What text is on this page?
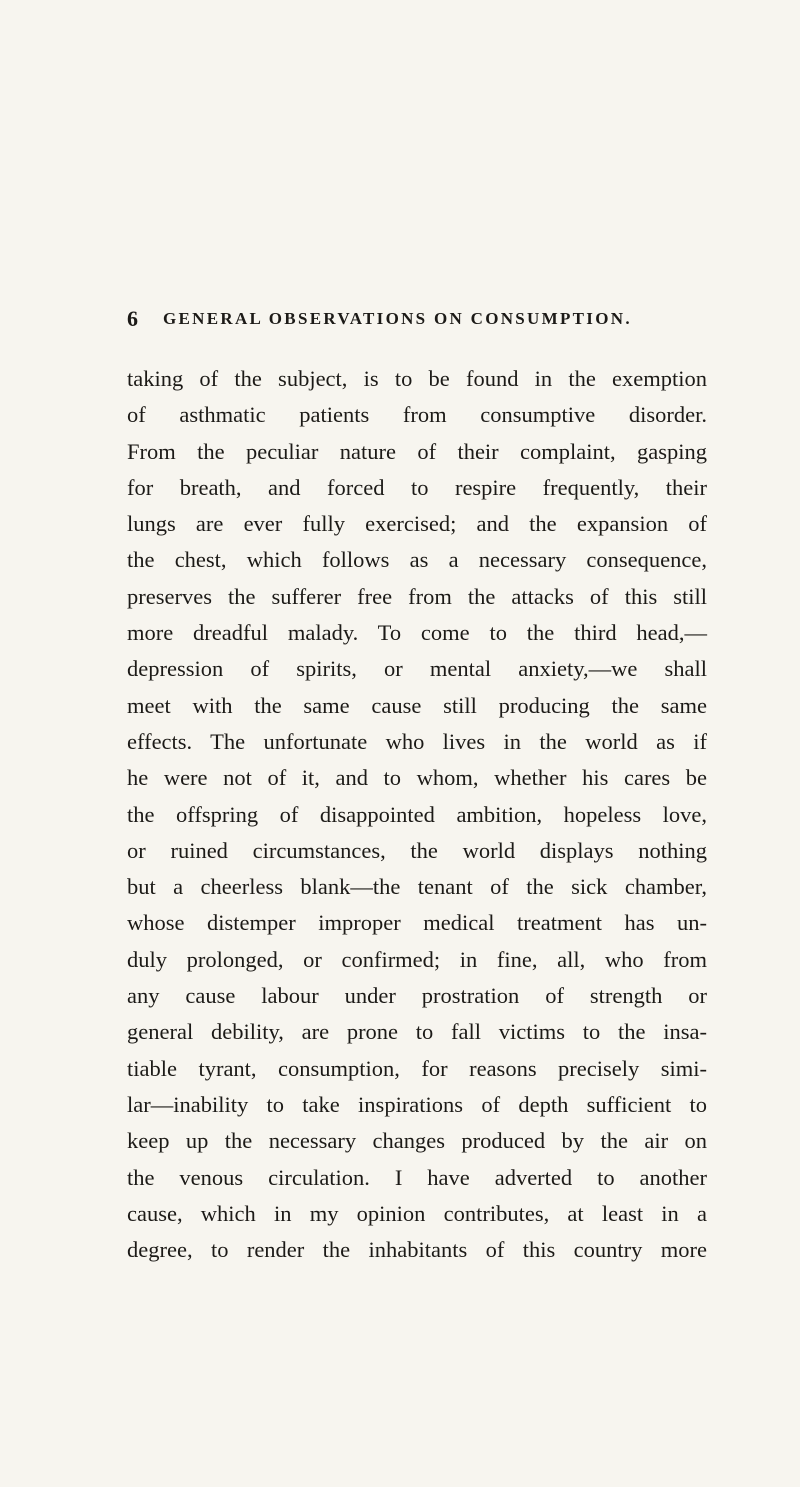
6	GENERAL OBSERVATIONS ON CONSUMPTION.
taking of the subject, is to be found in the exemption
of asthmatic patients from consumptive disorder.
From the peculiar nature of their complaint, gasping
for breath, and forced to respire frequently, their
lungs are ever fully exercised; and the expansion of
the chest, which follows as a necessary consequence,
preserves the sufferer free from the attacks of this still
more dreadful malady. To come to the third head,—
depression of spirits, or mental anxiety,—we shall
meet with the same cause still producing the same
effects. The unfortunate who lives in the world as if
he were not of it, and to whom, whether his cares be
the offspring of disappointed ambition, hopeless love,
or ruined circumstances, the world displays nothing
but a cheerless blank—the tenant of the sick chamber,
whose distemper improper medical treatment has un-
duly prolonged, or confirmed; in fine, all, who from
any cause labour under prostration of strength or
general debility, are prone to fall victims to the insa-
tiable tyrant, consumption, for reasons precisely simi-
lar—inability to take inspirations of depth sufficient to
keep up the necessary changes produced by the air on
the venous circulation. I have adverted to another
cause, which in my opinion contributes, at least in a
degree, to render the inhabitants of this country more
